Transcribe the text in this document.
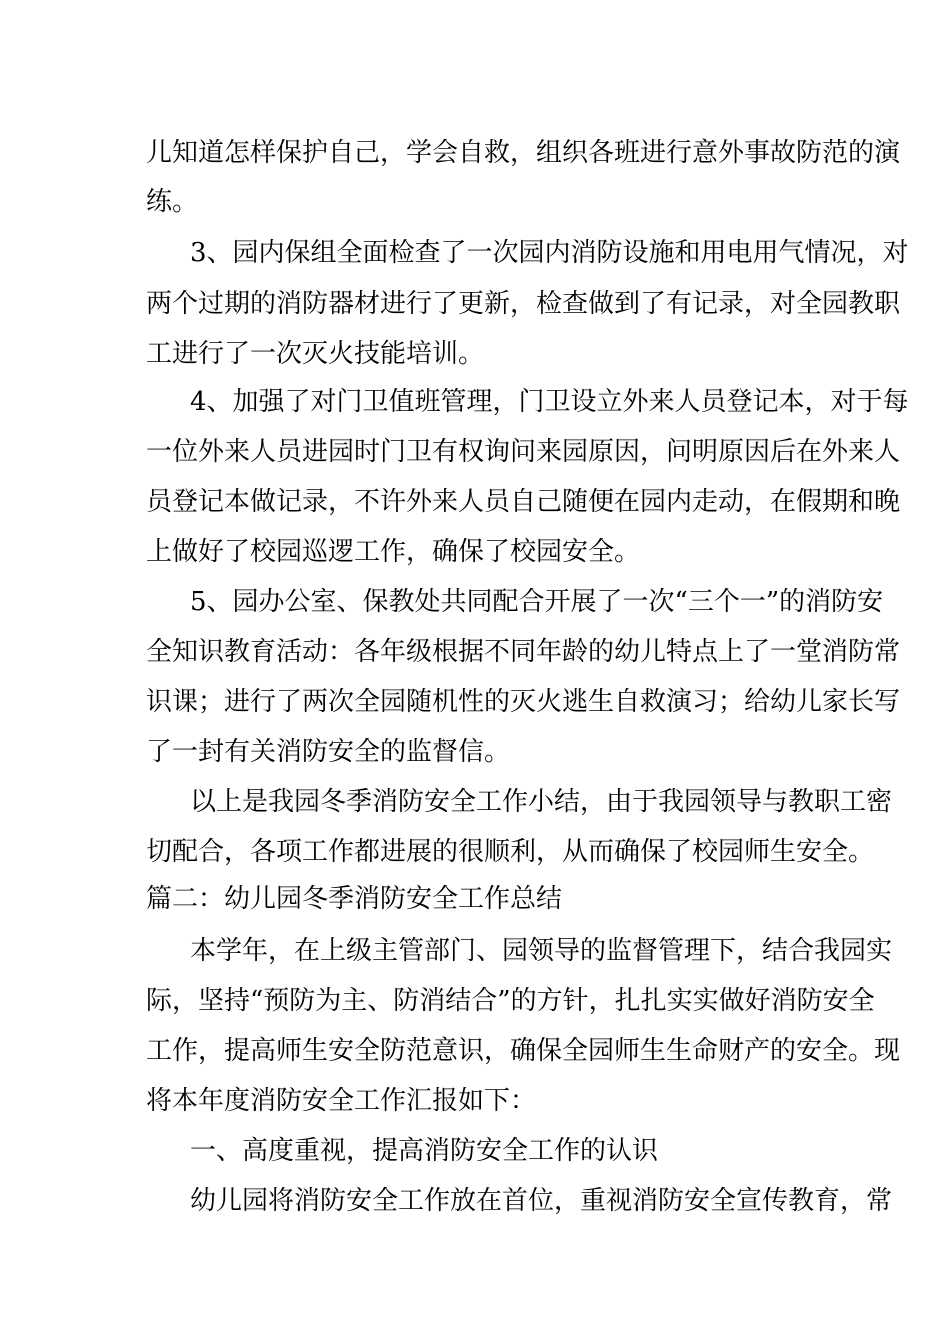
儿知道怎样保护自己，学会自救，组织各班进行意外事故防范的演
练。
3、园内保组全面检查了一次园内消防设施和用电用气情况，对
两个过期的消防器材进行了更新，检查做到了有记录，对全园教职
工进行了一次灭火技能培训。
4、加强了对门卫值班管理，门卫设立外来人员登记本，对于每
一位外来人员进园时门卫有权询问来园原因，问明原因后在外来人
员登记本做记录，不许外来人员自己随便在园内走动，在假期和晚
上做好了校园巡逻工作，确保了校园安全。
5、园办公室、保教处共同配合开展了一次“三个一”的消防安
全知识教育活动：各年级根据不同年龄的幼儿特点上了一堂消防常
识课；进行了两次全园随机性的灭火逃生自救演习；给幼儿家长写
了一封有关消防安全的监督信。
以上是我园冬季消防安全工作小结，由于我园领导与教职工密
切配合，各项工作都进展的很顺利，从而确保了校园师生安全。
篇二：幼儿园冬季消防安全工作总结
本学年，在上级主管部门、园领导的监督管理下，结合我园实
际，坚持“预防为主、防消结合”的方针，扎扎实实做好消防安全
工作，提高师生安全防范意识，确保全园师生生命财产的安全。现
将本年度消防安全工作汇报如下：
一、高度重视，提高消防安全工作的认识
幼儿园将消防安全工作放在首位，重视消防安全宣传教育，常
